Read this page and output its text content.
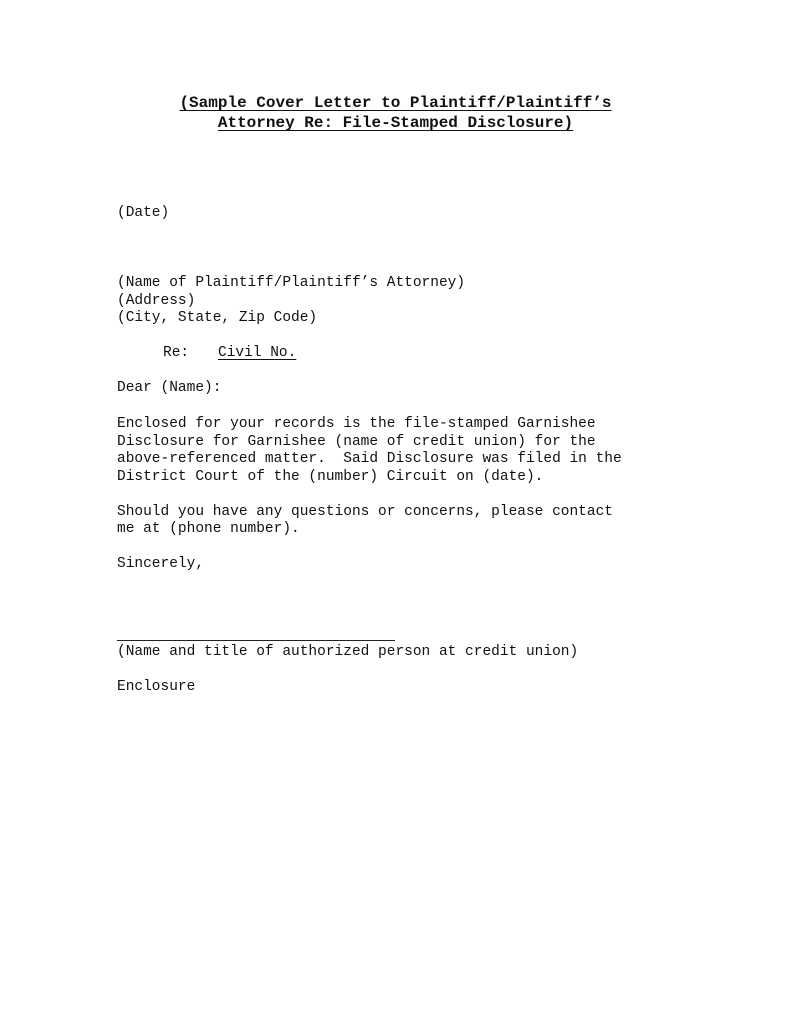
(Sample Cover Letter to Plaintiff/Plaintiff’s
Attorney Re: File-Stamped Disclosure)
(Date)
(Name of Plaintiff/Plaintiff’s Attorney)
(Address)
(City, State, Zip Code)
Re: Civil No.
Dear (Name):
Enclosed for your records is the file-stamped Garnishee
Disclosure for Garnishee (name of credit union) for the
above-referenced matter.  Said Disclosure was filed in the
District Court of the (number) Circuit on (date).
Should you have any questions or concerns, please contact
me at (phone number).
Sincerely,
(Name and title of authorized person at credit union)
Enclosure
